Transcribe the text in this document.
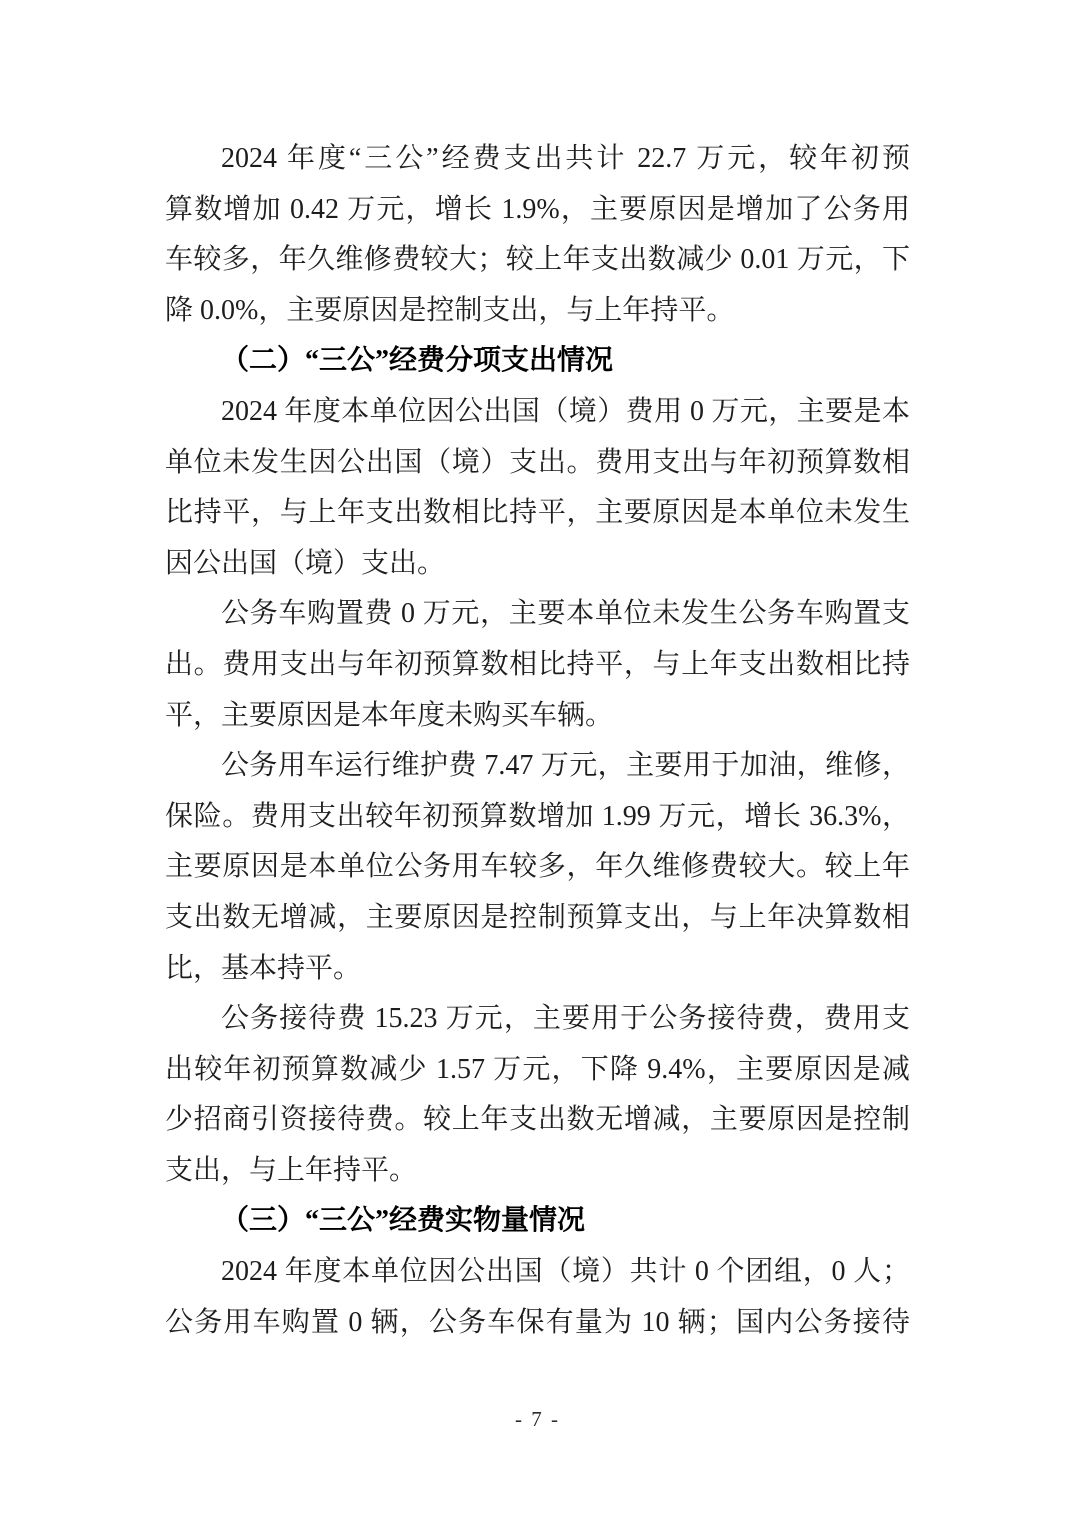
2024 年度“三公”经费支出共计 22.7 万元，较年初预
算数增加 0.42 万元，增长 1.9%，主要原因是增加了公务用
车较多，年久维修费较大；较上年支出数减少 0.01 万元，下
降 0.0%，主要原因是控制支出，与上年持平。
（二）“三公”经费分项支出情况
2024 年度本单位因公出国（境）费用 0 万元，主要是本
单位未发生因公出国（境）支出。费用支出与年初预算数相
比持平，与上年支出数相比持平，主要原因是本单位未发生
因公出国（境）支出。
公务车购置费 0 万元，主要本单位未发生公务车购置支
出。费用支出与年初预算数相比持平，与上年支出数相比持
平，主要原因是本年度未购买车辆。
公务用车运行维护费 7.47 万元，主要用于加油，维修，
保险。费用支出较年初预算数增加 1.99 万元，增长 36.3%，
主要原因是本单位公务用车较多，年久维修费较大。较上年
支出数无增减，主要原因是控制预算支出，与上年决算数相
比，基本持平。
公务接待费 15.23 万元，主要用于公务接待费，费用支
出较年初预算数减少 1.57 万元，下降 9.4%，主要原因是减
少招商引资接待费。较上年支出数无增减，主要原因是控制
支出，与上年持平。
（三）“三公”经费实物量情况
2024 年度本单位因公出国（境）共计 0 个团组，0 人；
公务用车购置 0 辆，公务车保有量为 10 辆；国内公务接待
- 7 -
